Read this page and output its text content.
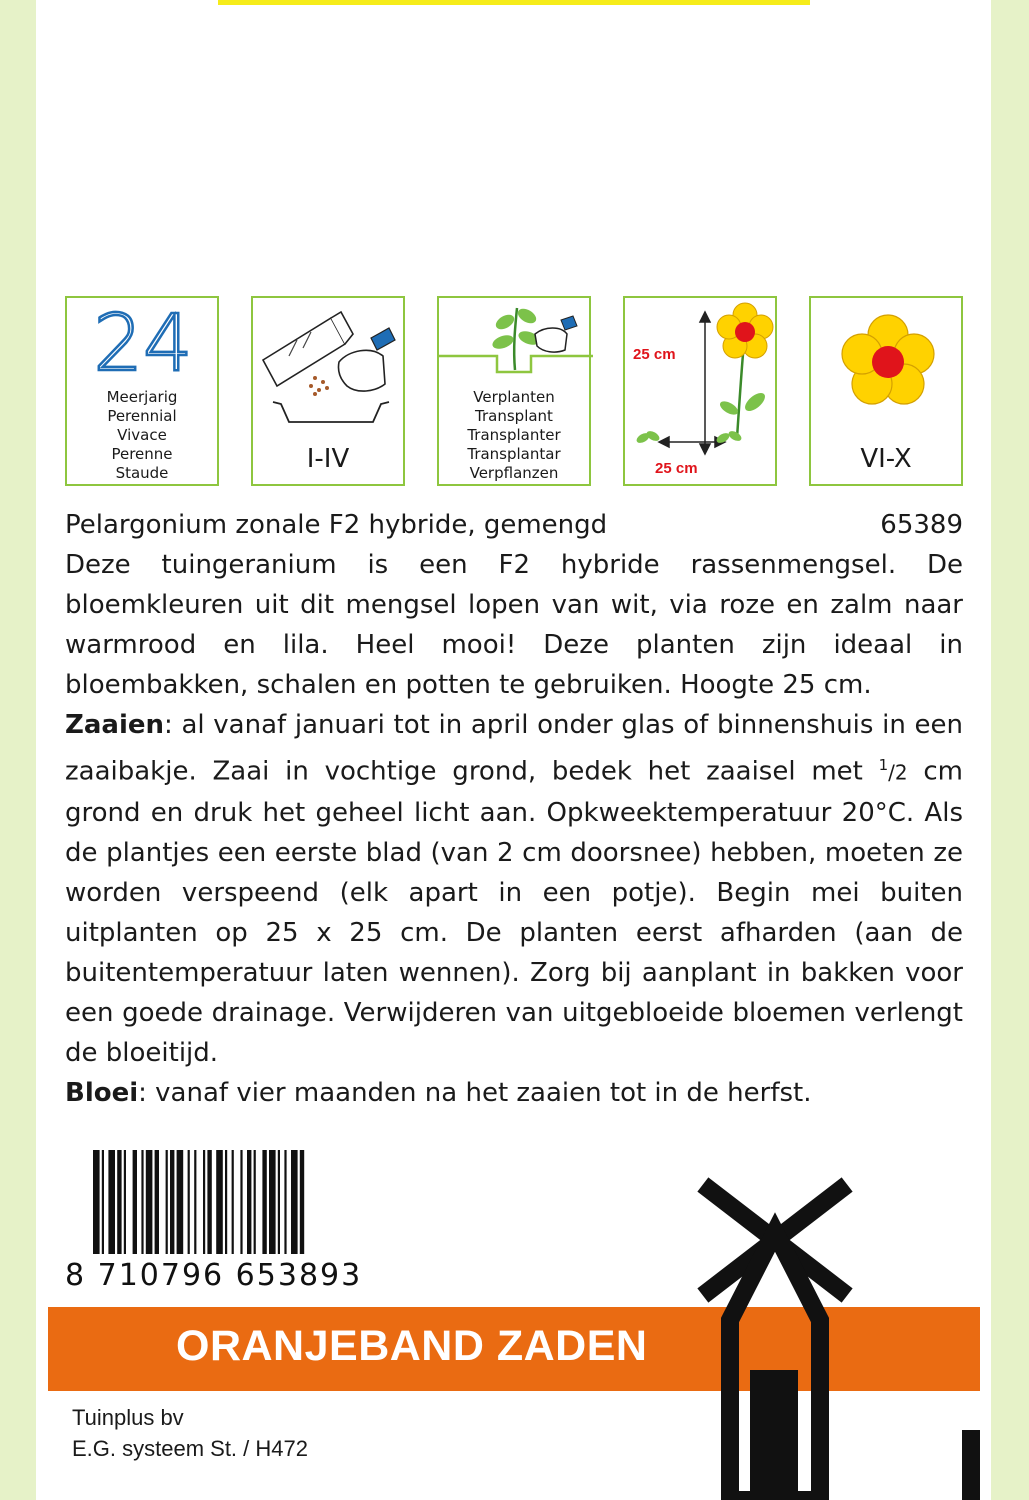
24
Meerjarig
Perennial
Vivace
Perenne
Staude	I-IV
Verplanten
Transplant
Transplanter
Transplantar
Verpflanzen
25 cm
25 cm	VI-X
Pelargonium zonale F2 hybride, gemengd	65389

Deze tuingeranium is een F2 hybride rassenmengsel. De bloemkleuren uit dit mengsel lopen van wit, via roze en zalm naar warmrood en lila. Heel mooi! Deze planten zijn ideaal in bloembakken, schalen en potten te gebruiken. Hoogte 25 cm.

Zaaien: al vanaf januari tot in april onder glas of binnenshuis in een zaaibakje. Zaai in vochtige grond, bedek het zaaisel met $^1$/2 cm grond en druk het geheel licht aan. Opkweektemperatuur 20°C. Als de plantjes een eerste blad (van 2 cm doorsnee) hebben, moeten ze worden verspeend (elk apart in een potje). Begin mei buiten uitplanten op 25 x 25 cm. De planten eerst afharden (aan de buitentemperatuur laten wennen). Zorg bij aanplant in bakken voor een goede drainage. Verwijderen van uitgebloeide bloemen verlengt de bloeitijd.

Bloei: vanaf vier maanden na het zaaien tot in de herfst.

8 710796 653893
ORANJEBAND ZADEN
Tuinplus bv
E.G. systeem St. / H472
